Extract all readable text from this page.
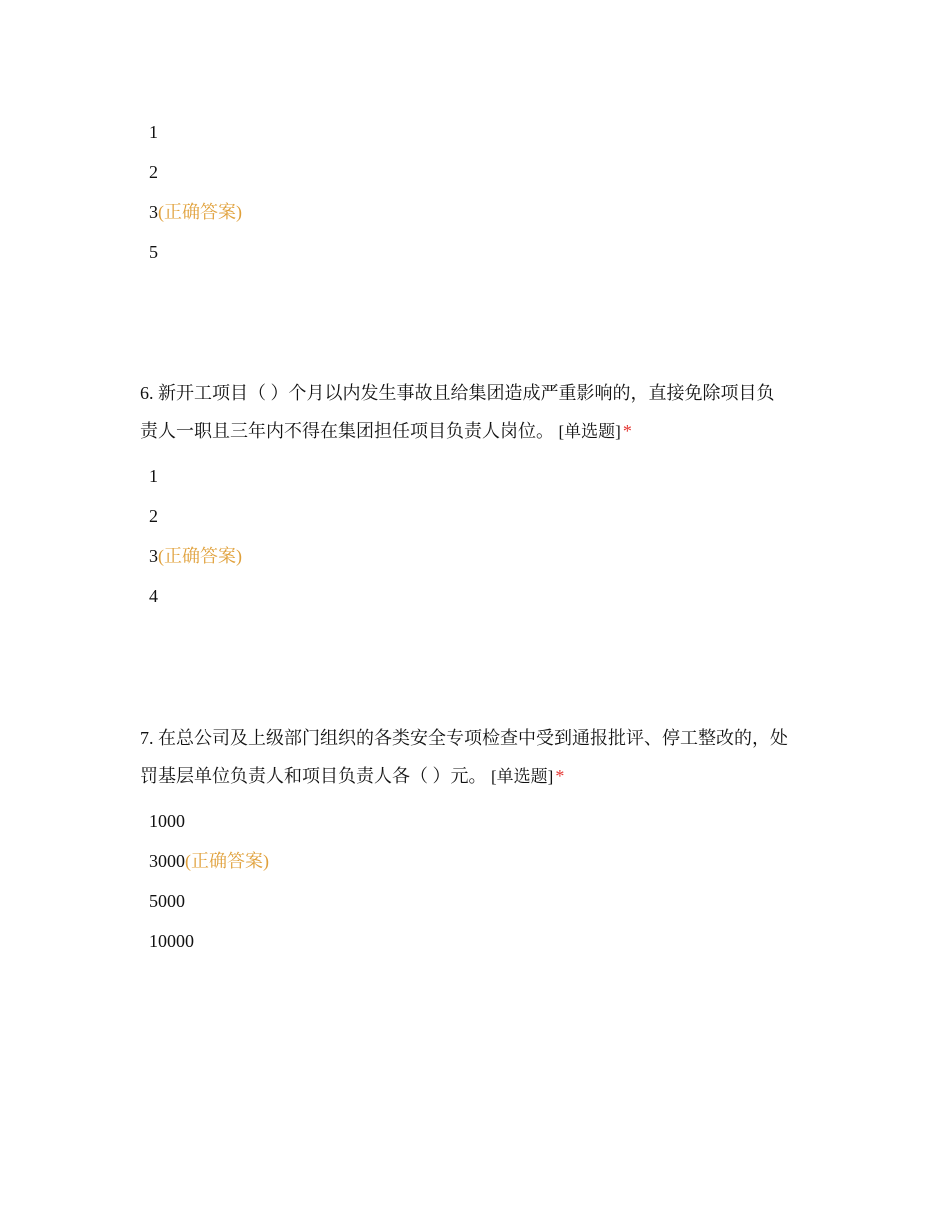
1
2
3(正确答案)
5
6. 新开工项目（ ）个月以内发生事故且给集团造成严重影响的，直接免除项目负
责人一职且三年内不得在集团担任项目负责人岗位。 [单选题] *
1
2
3(正确答案)
4
7. 在总公司及上级部门组织的各类安全专项检查中受到通报批评、停工整改的，处
罚基层单位负责人和项目负责人各（ ）元。 [单选题] *
1000
3000(正确答案)
5000
10000
